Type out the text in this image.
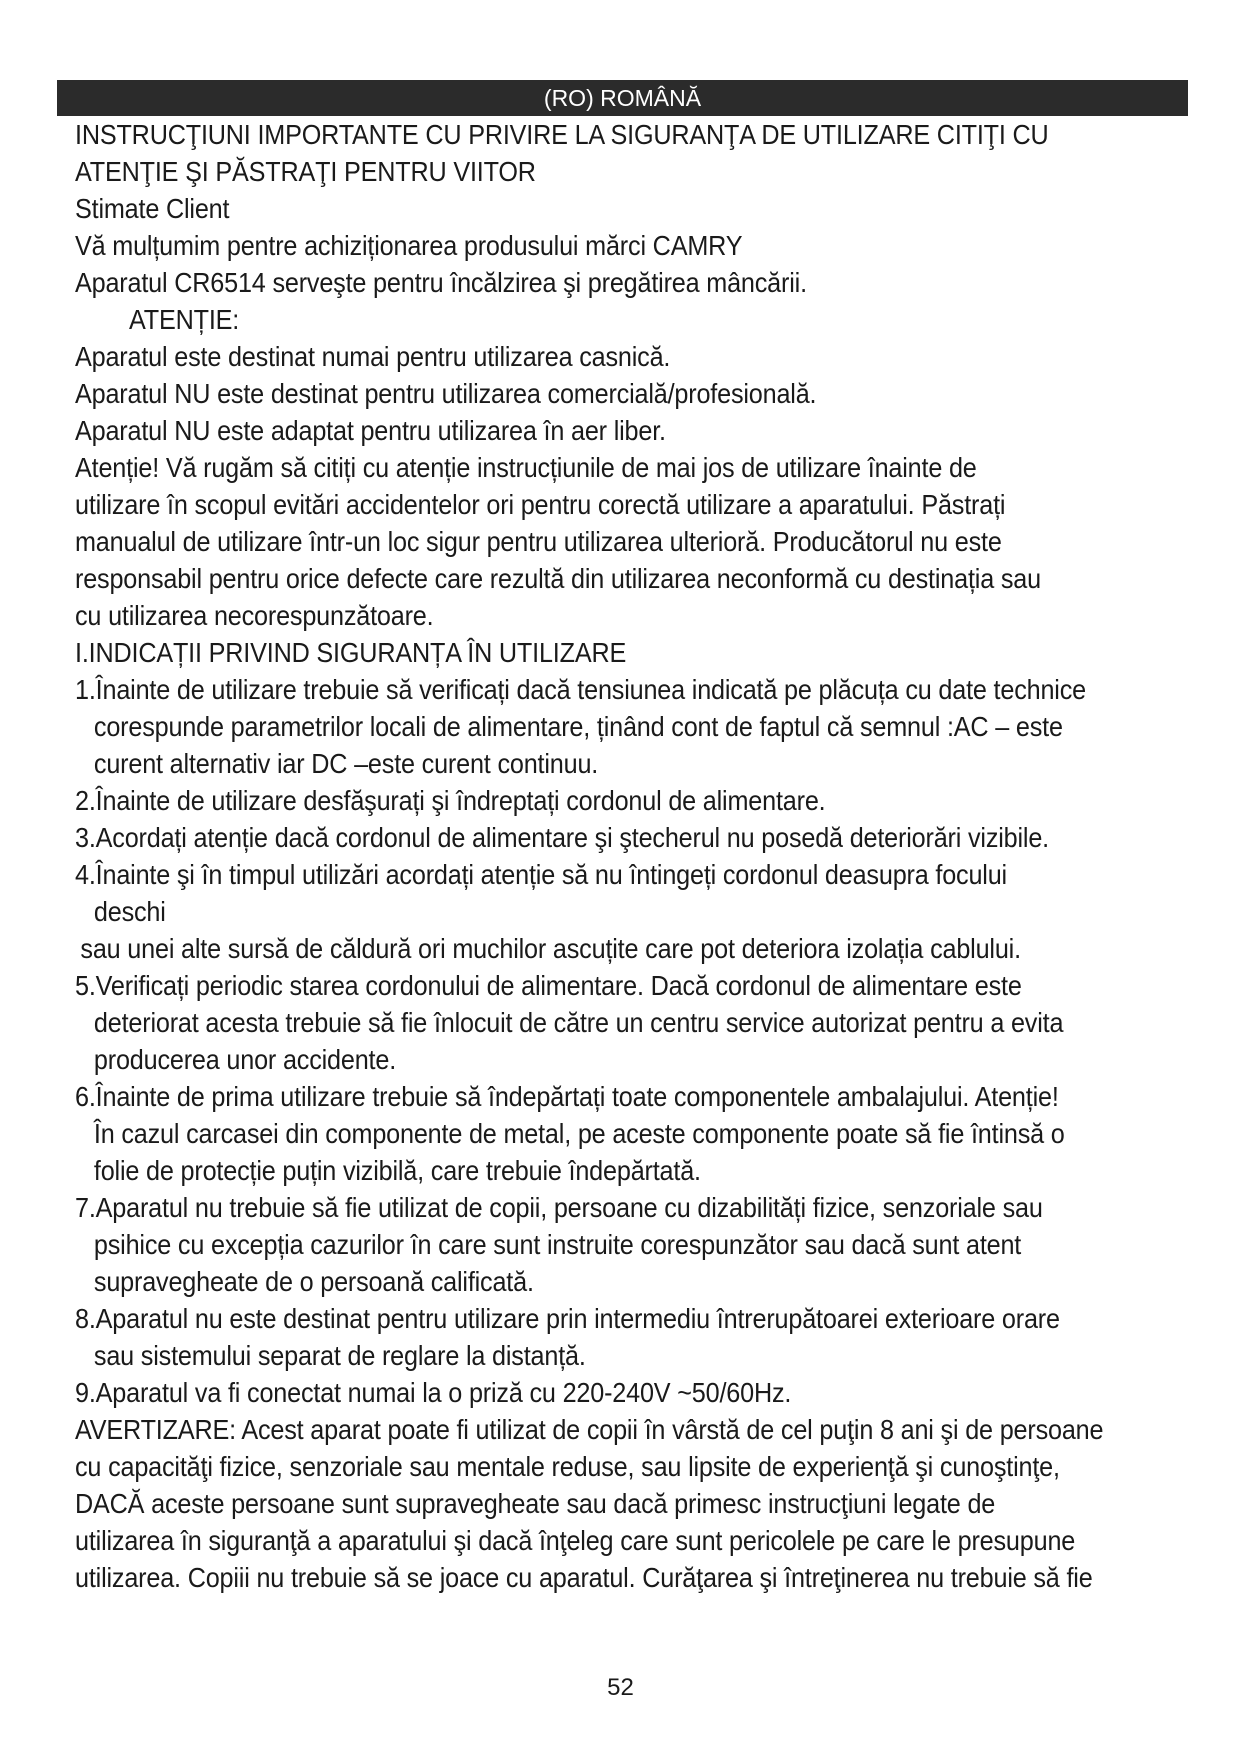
(RO) ROMÂNĂ
INSTRUCŢIUNI IMPORTANTE CU PRIVIRE LA SIGURANŢA DE UTILIZARE CITIŢI CU
ATENŢIE ŞI PĂSTRAŢI PENTRU VIITOR
Stimate Client
Vă mulțumim pentre achiziționarea produsului mărci CAMRY
Aparatul CR6514 serveşte pentru încălzirea şi pregătirea mâncării.
ATENȚIE:
Aparatul este destinat numai pentru utilizarea casnică.
Aparatul NU este destinat pentru utilizarea comercială/profesională.
Aparatul NU este adaptat pentru utilizarea în aer liber.
Atenție! Vă rugăm să citiți cu atenție instrucțiunile de mai jos de utilizare înainte de
utilizare în scopul evitări accidentelor ori pentru corectă utilizare a aparatului. Păstrați
manualul de utilizare într-un loc sigur pentru utilizarea ulterioră. Producătorul nu este
responsabil pentru orice defecte care rezultă din utilizarea neconformă cu destinația sau
cu utilizarea necorespunzătoare.
I.INDICAȚII PRIVIND SIGURANȚA ÎN UTILIZARE
1.Înainte de utilizare trebuie să verificați dacă tensiunea indicată pe plăcuța cu date technice
corespunde parametrilor locali de alimentare, ținând cont de faptul că semnul :AC – este
curent alternativ iar DC –este curent continuu.
2.Înainte de utilizare desfăşurați şi îndreptați cordonul de alimentare.
3.Acordați atenție dacă cordonul de alimentare şi ştecherul nu posedă deteriorări vizibile.
4.Înainte şi în timpul utilizări acordați atenție să nu întingeți cordonul deasupra focului
deschi
sau unei alte sursă de căldură ori muchilor ascuțite care pot deteriora izolația cablului.
5.Verificați periodic starea cordonului de alimentare. Dacă cordonul de alimentare este
deteriorat acesta trebuie să fie înlocuit de către un centru service autorizat pentru a evita
producerea unor accidente.
6.Înainte de prima utilizare trebuie să îndepărtați toate componentele ambalajului. Atenție!
În cazul carcasei din componente de metal, pe aceste componente poate să fie întinsă o
folie de protecție puțin vizibilă, care trebuie îndepărtată.
7.Aparatul nu trebuie să fie utilizat de copii, persoane cu dizabilități fizice, senzoriale sau
psihice cu excepția cazurilor în care sunt instruite corespunzător sau dacă sunt atent
supravegheate de o persoană calificată.
8.Aparatul nu este destinat pentru utilizare prin intermediu întrerupătoarei exterioare orare
sau sistemului separat de reglare la distanță.
9.Aparatul va fi conectat numai la o priză cu 220-240V ~50/60Hz.
AVERTIZARE: Acest aparat poate fi utilizat de copii în vârstă de cel puţin 8 ani şi de persoane
cu capacităţi fizice, senzoriale sau mentale reduse, sau lipsite de experienţă şi cunoştinţe,
DACĂ aceste persoane sunt supravegheate sau dacă primesc instrucţiuni legate de
utilizarea în siguranţă a aparatului şi dacă înţeleg care sunt pericolele pe care le presupune
utilizarea. Copiii nu trebuie să se joace cu aparatul. Curăţarea şi întreţinerea nu trebuie să fie
52
